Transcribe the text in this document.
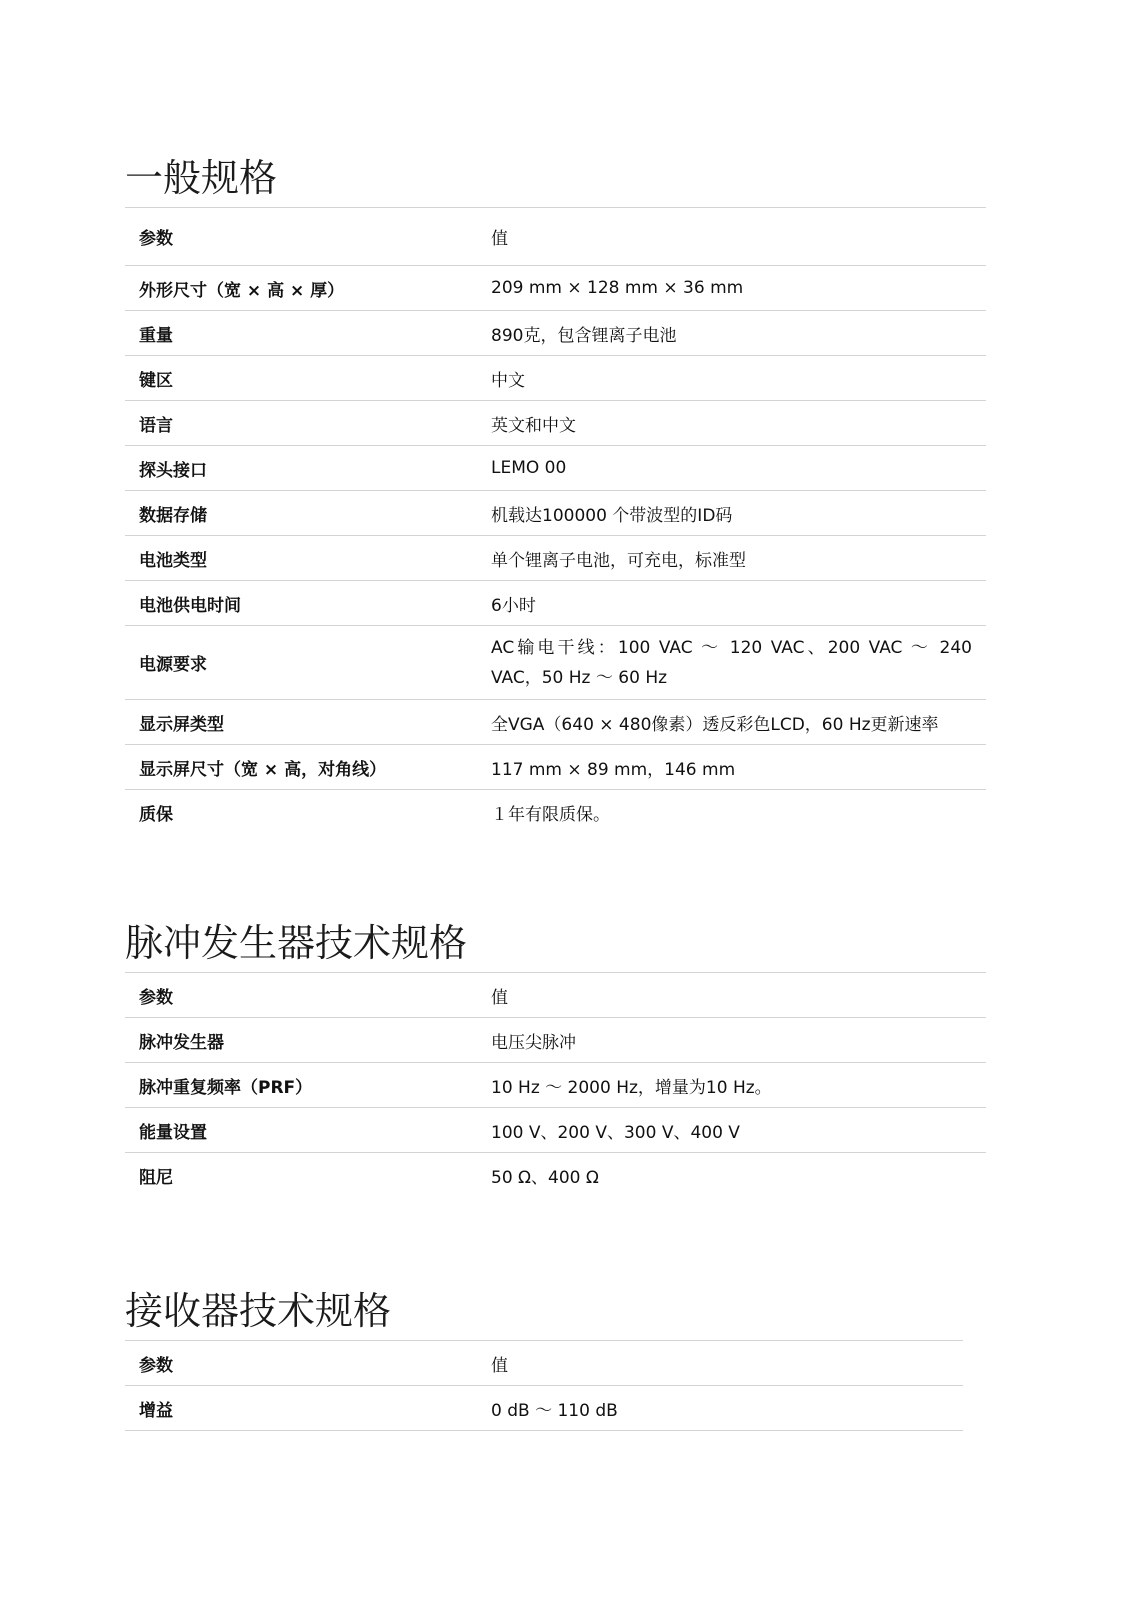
一般规格
参数	值
外形尺寸（宽 × 高 × 厚）	209 mm × 128 mm × 36 mm
重量	890克，包含锂离子电池
键区	中文
语言	英文和中文
探头接口	LEMO 00
数据存储	机载达100000 个带波型的ID码
电池类型	单个锂离子电池，可充电，标准型
电池供电时间	6小时
电源要求	AC输电干线：100 VAC ～ 120 VAC、200 VAC ～ 240 VAC，50 Hz ～ 60 Hz
显示屏类型	全VGA（640 × 480像素）透反彩色LCD，60 Hz更新速率
显示屏尺寸（宽 × 高，对角线）	117 mm × 89 mm，146 mm
质保	１年有限质保。
脉冲发生器技术规格
参数	值
脉冲发生器	电压尖脉冲
脉冲重复频率（PRF）	10 Hz ～ 2000 Hz，增量为10 Hz。
能量设置	100 V、200 V、300 V、400 V
阻尼	50 Ω、400 Ω
接收器技术规格
参数	值
增益	0 dB ～ 110 dB
